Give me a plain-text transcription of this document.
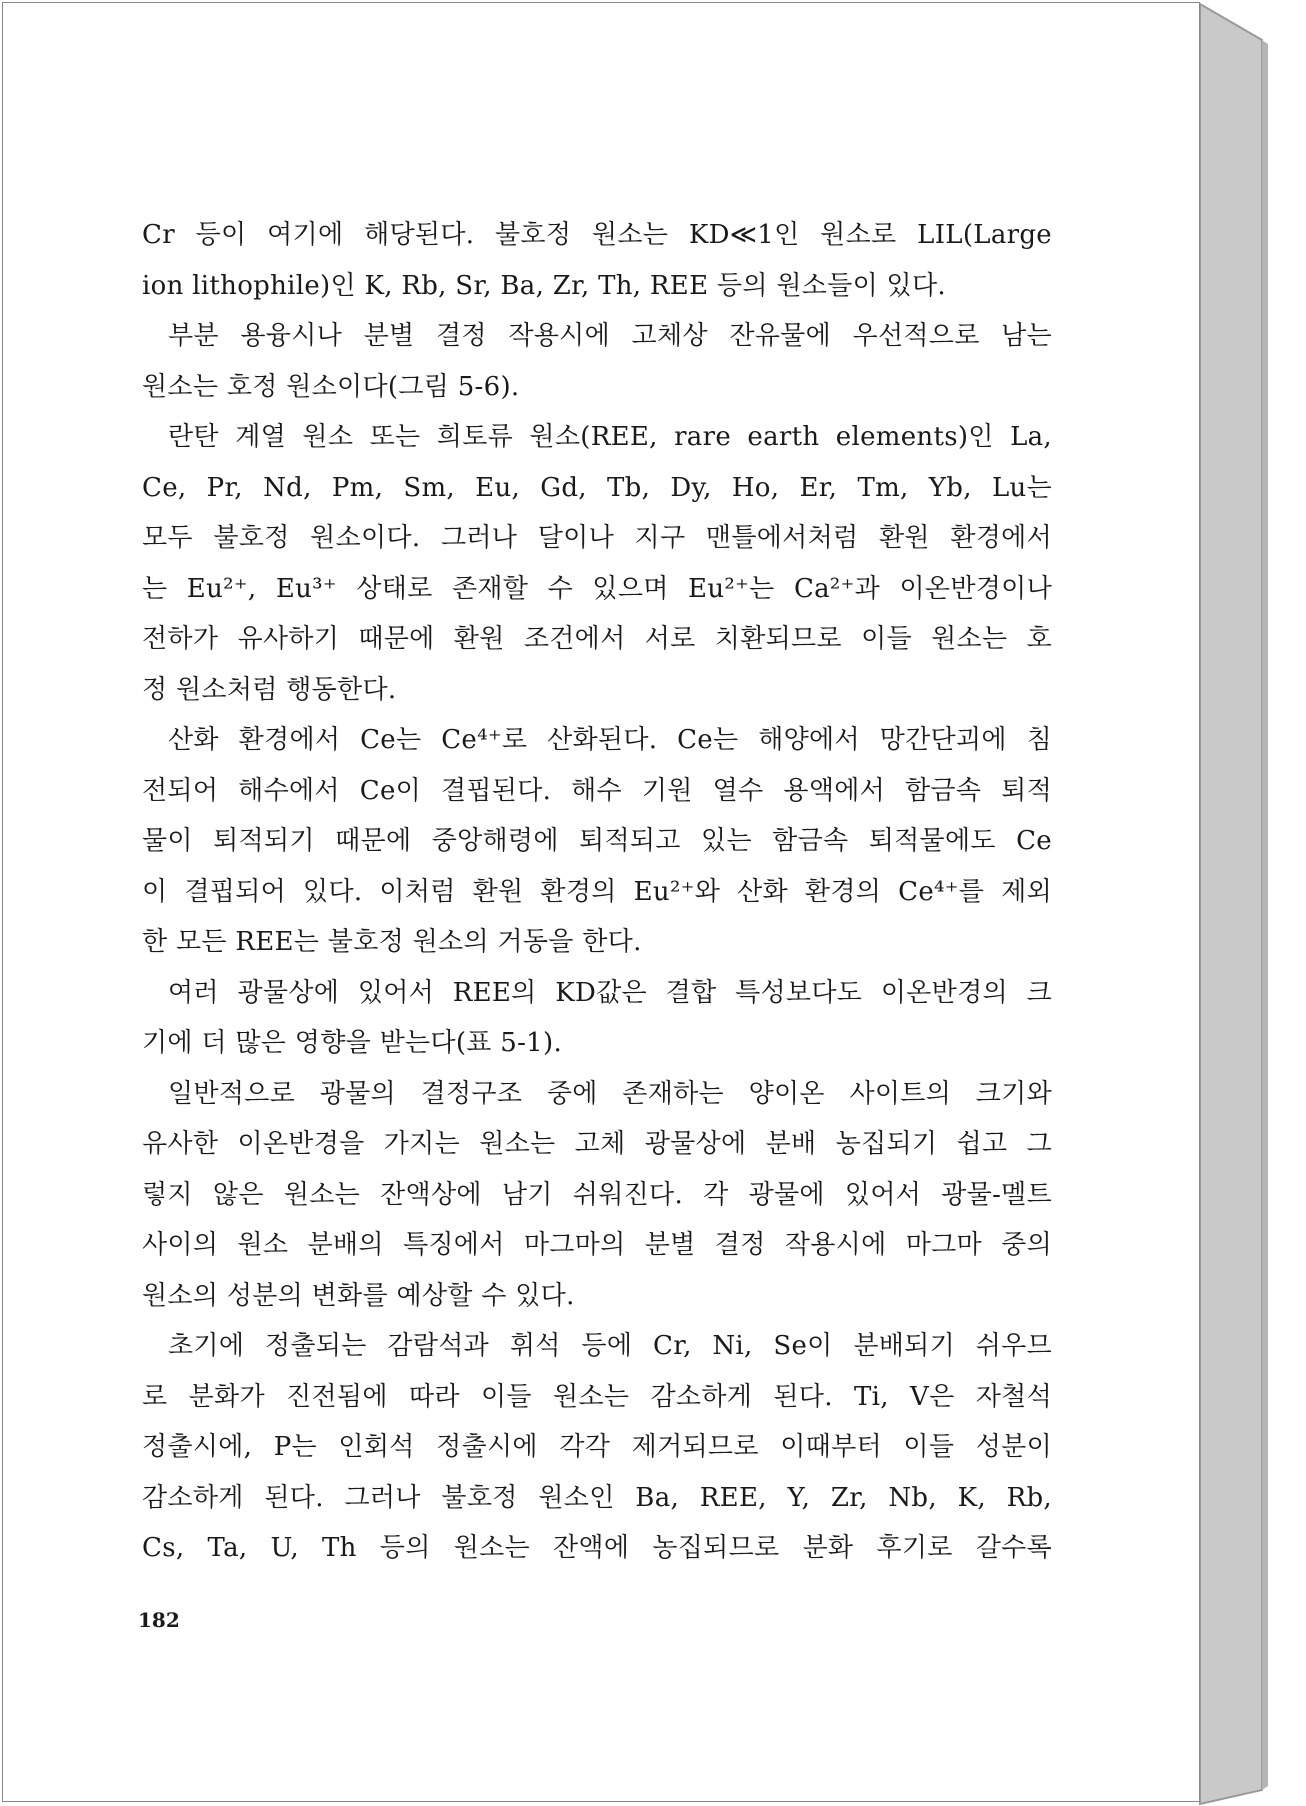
Cr 등이 여기에 해당된다. 불호정 원소는 KD≪1인 원소로 LIL(Large
ion lithophile)인 K, Rb, Sr, Ba, Zr, Th, REE 등의 원소들이 있다.
부분 용융시나 분별 결정 작용시에 고체상 잔유물에 우선적으로 남는
원소는 호정 원소이다(그림 5-6).
란탄 계열 원소 또는 희토류 원소(REE, rare earth elements)인 La,
Ce, Pr, Nd, Pm, Sm, Eu, Gd, Tb, Dy, Ho, Er, Tm, Yb, Lu는
모두 불호정 원소이다. 그러나 달이나 지구 맨틀에서처럼 환원 환경에서
는 Eu²⁺, Eu³⁺ 상태로 존재할 수 있으며 Eu²⁺는 Ca²⁺과 이온반경이나
전하가 유사하기 때문에 환원 조건에서 서로 치환되므로 이들 원소는 호
정 원소처럼 행동한다.
산화 환경에서 Ce는 Ce⁴⁺로 산화된다. Ce는 해양에서 망간단괴에 침
전되어 해수에서 Ce이 결핍된다. 해수 기원 열수 용액에서 함금속 퇴적
물이 퇴적되기 때문에 중앙해령에 퇴적되고 있는 함금속 퇴적물에도 Ce
이 결핍되어 있다. 이처럼 환원 환경의 Eu²⁺와 산화 환경의 Ce⁴⁺를 제외
한 모든 REE는 불호정 원소의 거동을 한다.
여러 광물상에 있어서 REE의 KD값은 결합 특성보다도 이온반경의 크
기에 더 많은 영향을 받는다(표 5-1).
일반적으로 광물의 결정구조 중에 존재하는 양이온 사이트의 크기와
유사한 이온반경을 가지는 원소는 고체 광물상에 분배 농집되기 쉽고 그
렇지 않은 원소는 잔액상에 남기 쉬워진다. 각 광물에 있어서 광물-멜트
사이의 원소 분배의 특징에서 마그마의 분별 결정 작용시에 마그마 중의
원소의 성분의 변화를 예상할 수 있다.
초기에 정출되는 감람석과 휘석 등에 Cr, Ni, Se이 분배되기 쉬우므
로 분화가 진전됨에 따라 이들 원소는 감소하게 된다. Ti, V은 자철석
정출시에, P는 인회석 정출시에 각각 제거되므로 이때부터 이들 성분이
감소하게 된다. 그러나 불호정 원소인 Ba, REE, Y, Zr, Nb, K, Rb,
Cs, Ta, U, Th 등의 원소는 잔액에 농집되므로 분화 후기로 갈수록
182
